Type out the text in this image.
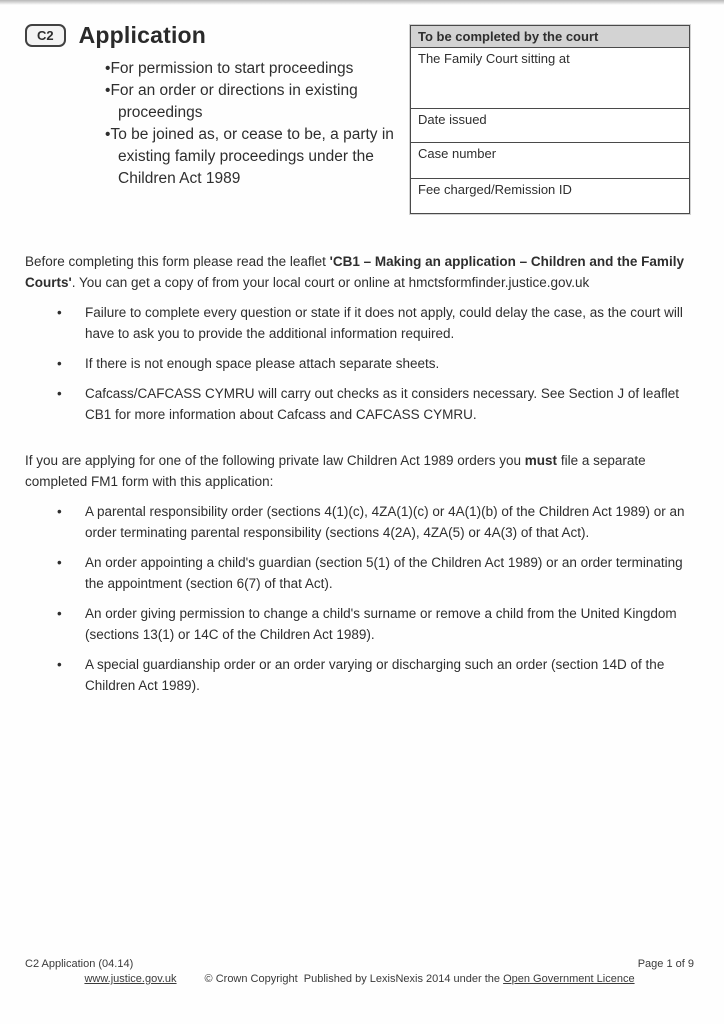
C2	Application
• For permission to start proceedings
• For an order or directions in existing proceedings
• To be joined as, or cease to be, a party in existing family proceedings under the Children Act 1989
To be completed by the court
The Family Court sitting at
Date issued
Case number
Fee charged/Remission ID

Before completing this form please read the leaflet 'CB1 – Making an application – Children and the Family Courts'. You can get a copy of from your local court or online at hmctsformfinder.justice.gov.uk

• Failure to complete every question or state if it does not apply, could delay the case, as the court will have to ask you to provide the additional information required.
• If there is not enough space please attach separate sheets.
• Cafcass/CAFCASS CYMRU will carry out checks as it considers necessary. See Section J of leaflet CB1 for more information about Cafcass and CAFCASS CYMRU.

If you are applying for one of the following private law Children Act 1989 orders you must file a separate completed FM1 form with this application:

• A parental responsibility order (sections 4(1)(c), 4ZA(1)(c) or 4A(1)(b) of the Children Act 1989) or an order terminating parental responsibility (sections 4(2A), 4ZA(5) or 4A(3) of that Act).
• An order appointing a child's guardian (section 5(1) of the Children Act 1989) or an order terminating the appointment (section 6(7) of that Act).
• An order giving permission to change a child's surname or remove a child from the United Kingdom (sections 13(1) or 14C of the Children Act 1989).
• A special guardianship order or an order varying or discharging such an order (section 14D of the Children Act 1989).
C2 Application (04.14)	Page 1 of 9
www.justice.gov.uk	© Crown Copyright  Published by LexisNexis 2014 under the Open Government Licence
